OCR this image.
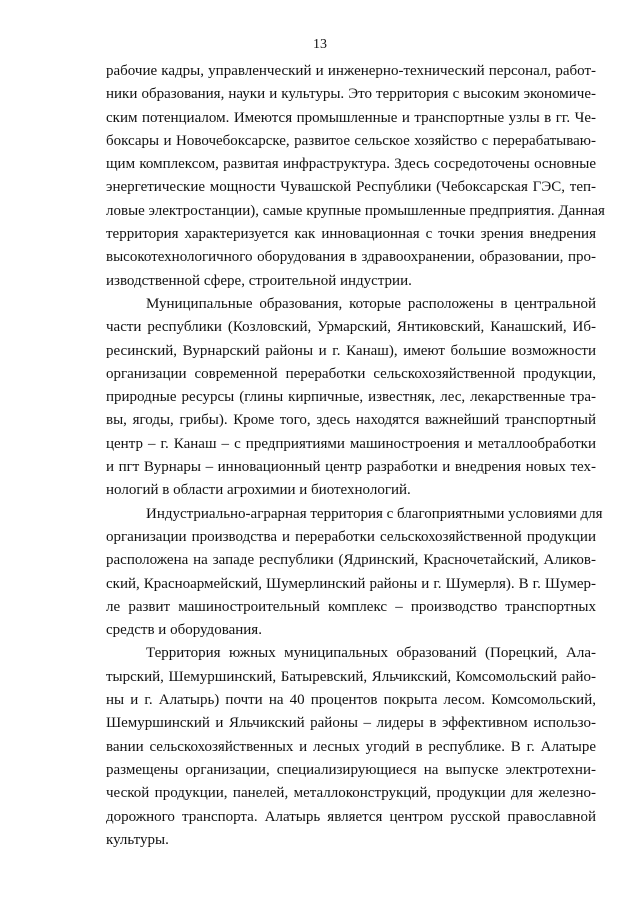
13
рабочие кадры, управленческий и инженерно-технический персонал, работ-
ники образования, науки и культуры. Это территория с высоким экономиче-
ским потенциалом. Имеются промышленные и транспортные узлы в гг. Че-
боксары и Новочебоксарске, развитое сельское хозяйство с перерабатываю-
щим комплексом, развитая инфраструктура. Здесь сосредоточены основные
энергетические мощности Чувашской Республики (Чебоксарская ГЭС, теп-
ловые электростанции), самые крупные промышленные предприятия. Данная
территория характеризуется как инновационная с точки зрения внедрения
высокотехнологичного оборудования в здравоохранении, образовании, про-
изводственной сфере, строительной индустрии.
Муниципальные образования, которые расположены в центральной
части республики (Козловский, Урмарский, Янтиковский, Канашский, Иб-
ресинский, Вурнарский районы и г. Канаш), имеют большие возможности
организации современной переработки сельскохозяйственной продукции,
природные ресурсы (глины кирпичные, известняк, лес, лекарственные тра-
вы, ягоды, грибы). Кроме того, здесь находятся важнейший транспортный
центр – г. Канаш – с предприятиями машиностроения и металлообработки
и пгт Вурнары – инновационный центр разработки и внедрения новых тех-
нологий в области агрохимии и биотехнологий.
Индустриально-аграрная территория с благоприятными условиями для
организации производства и переработки сельскохозяйственной продукции
расположена на западе республики (Ядринский, Красночетайский, Аликов-
ский, Красноармейский, Шумерлинский районы и г. Шумерля). В г. Шумер-
ле развит машиностроительный комплекс – производство транспортных
средств и оборудования.
Территория южных муниципальных образований (Порецкий, Ала-
тырский, Шемуршинский, Батыревский, Яльчикский, Комсомольский райо-
ны и г. Алатырь) почти на 40 процентов покрыта лесом. Комсомольский,
Шемуршинский и Яльчикский районы – лидеры в эффективном использо-
вании сельскохозяйственных и лесных угодий в республике. В г. Алатыре
размещены организации, специализирующиеся на выпуске электротехни-
ческой продукции, панелей, металлоконструкций, продукции для железно-
дорожного транспорта. Алатырь является центром русской православной
культуры.
